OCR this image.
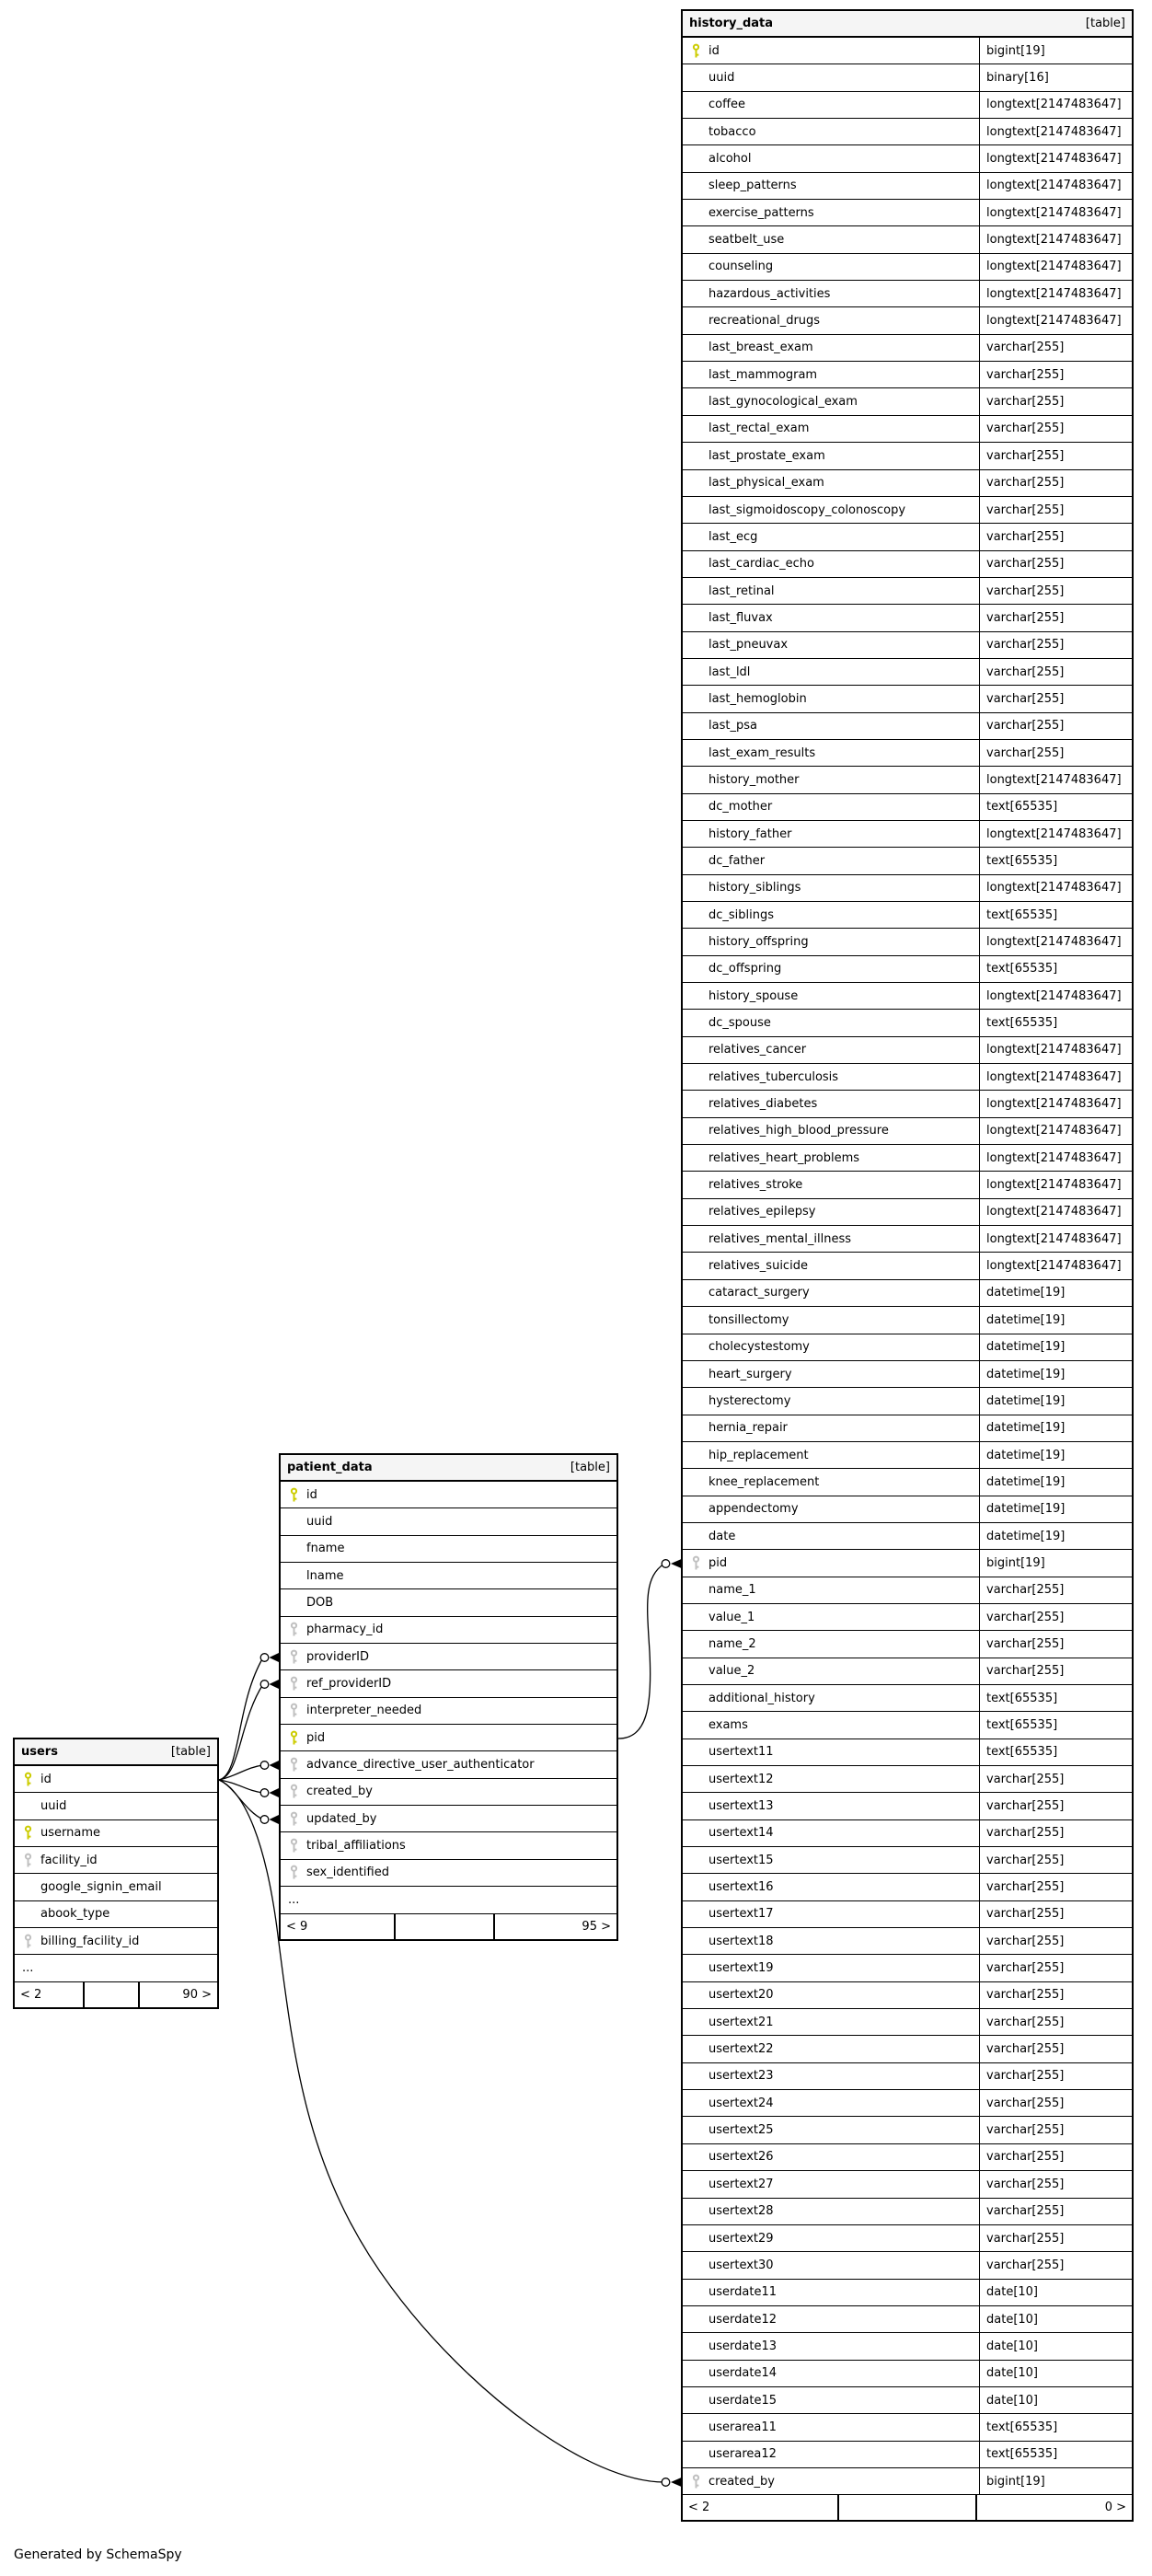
users	[table]
id
uuid
username
facility_id
google_signin_email
abook_type
billing_facility_id
...
< 2	90 >
patient_data	[table]
id
uuid
fname
lname
DOB
pharmacy_id
providerID
ref_providerID
interpreter_needed
pid
advance_directive_user_authenticator
created_by
updated_by
tribal_affiliations
sex_identified
...
< 9	95 >
history_data	[table]
id	bigint[19]
uuid	binary[16]
coffee	longtext[2147483647]
tobacco	longtext[2147483647]
alcohol	longtext[2147483647]
sleep_patterns	longtext[2147483647]
exercise_patterns	longtext[2147483647]
seatbelt_use	longtext[2147483647]
counseling	longtext[2147483647]
hazardous_activities	longtext[2147483647]
recreational_drugs	longtext[2147483647]
last_breast_exam	varchar[255]
last_mammogram	varchar[255]
last_gynocological_exam	varchar[255]
last_rectal_exam	varchar[255]
last_prostate_exam	varchar[255]
last_physical_exam	varchar[255]
last_sigmoidoscopy_colonoscopy	varchar[255]
last_ecg	varchar[255]
last_cardiac_echo	varchar[255]
last_retinal	varchar[255]
last_fluvax	varchar[255]
last_pneuvax	varchar[255]
last_ldl	varchar[255]
last_hemoglobin	varchar[255]
last_psa	varchar[255]
last_exam_results	varchar[255]
history_mother	longtext[2147483647]
dc_mother	text[65535]
history_father	longtext[2147483647]
dc_father	text[65535]
history_siblings	longtext[2147483647]
dc_siblings	text[65535]
history_offspring	longtext[2147483647]
dc_offspring	text[65535]
history_spouse	longtext[2147483647]
dc_spouse	text[65535]
relatives_cancer	longtext[2147483647]
relatives_tuberculosis	longtext[2147483647]
relatives_diabetes	longtext[2147483647]
relatives_high_blood_pressure	longtext[2147483647]
relatives_heart_problems	longtext[2147483647]
relatives_stroke	longtext[2147483647]
relatives_epilepsy	longtext[2147483647]
relatives_mental_illness	longtext[2147483647]
relatives_suicide	longtext[2147483647]
cataract_surgery	datetime[19]
tonsillectomy	datetime[19]
cholecystestomy	datetime[19]
heart_surgery	datetime[19]
hysterectomy	datetime[19]
hernia_repair	datetime[19]
hip_replacement	datetime[19]
knee_replacement	datetime[19]
appendectomy	datetime[19]
date	datetime[19]
pid	bigint[19]
name_1	varchar[255]
value_1	varchar[255]
name_2	varchar[255]
value_2	varchar[255]
additional_history	text[65535]
exams	text[65535]
usertext11	text[65535]
usertext12	varchar[255]
usertext13	varchar[255]
usertext14	varchar[255]
usertext15	varchar[255]
usertext16	varchar[255]
usertext17	varchar[255]
usertext18	varchar[255]
usertext19	varchar[255]
usertext20	varchar[255]
usertext21	varchar[255]
usertext22	varchar[255]
usertext23	varchar[255]
usertext24	varchar[255]
usertext25	varchar[255]
usertext26	varchar[255]
usertext27	varchar[255]
usertext28	varchar[255]
usertext29	varchar[255]
usertext30	varchar[255]
userdate11	date[10]
userdate12	date[10]
userdate13	date[10]
userdate14	date[10]
userdate15	date[10]
userarea11	text[65535]
userarea12	text[65535]
created_by	bigint[19]
< 2	0 >
Generated by SchemaSpy
